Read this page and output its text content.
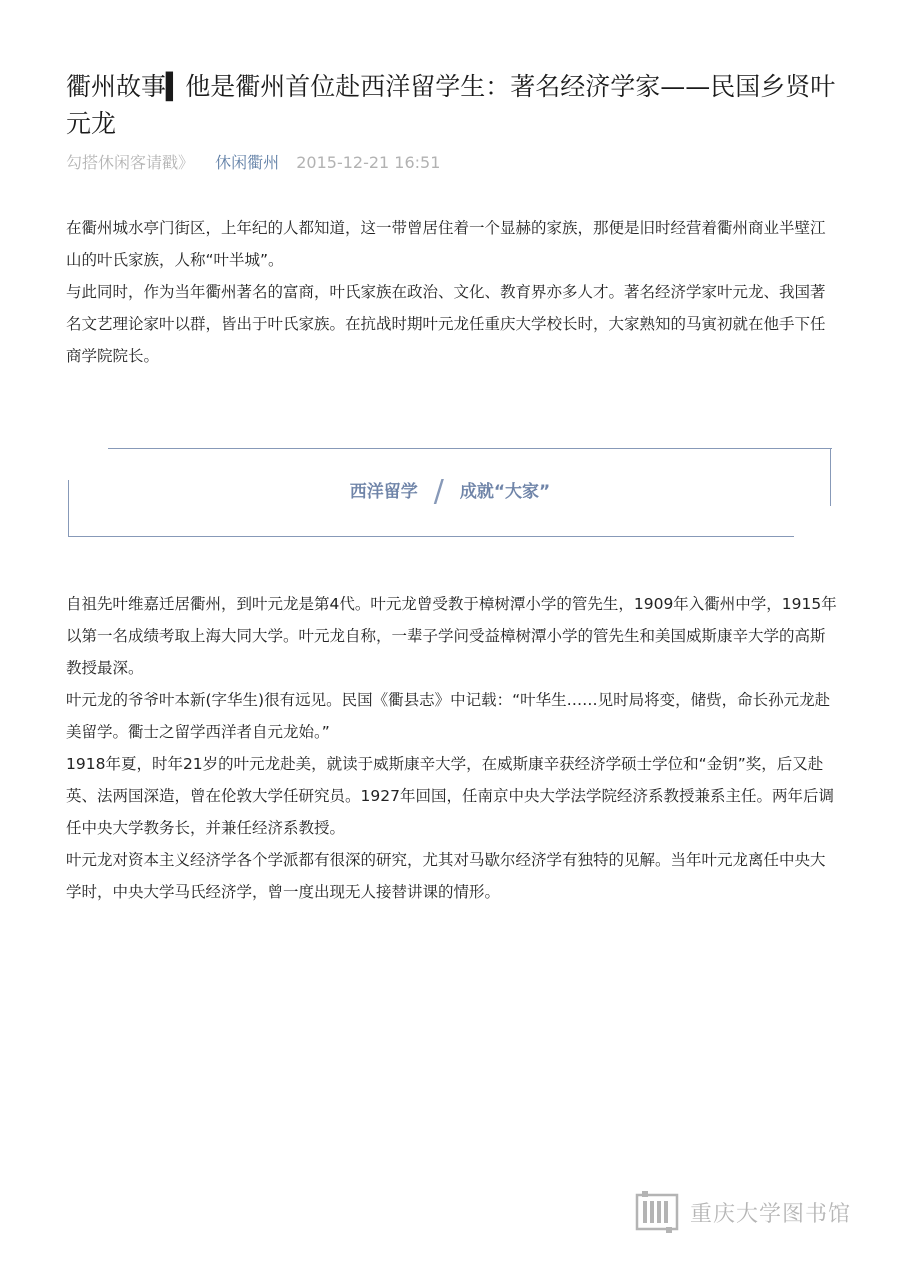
衢州故事▍他是衢州首位赴西洋留学生：著名经济学家——民国乡贤叶元龙
勾搭休闲客请戳》 休闲衢州 2015-12-21 16:51

在衢州城水亭门街区，上年纪的人都知道，这一带曾居住着一个显赫的家族，那便是旧时经营着衢州商业半壁江山的叶氏家族，人称“叶半城”。

与此同时，作为当年衢州著名的富商，叶氏家族在政治、文化、教育界亦多人才。著名经济学家叶元龙、我国著名文艺理论家叶以群，皆出于叶氏家族。在抗战时期叶元龙任重庆大学校长时，大家熟知的马寅初就在他手下任商学院院长。

西洋留学 / 成就“大家”

自祖先叶维嘉迁居衢州，到叶元龙是第4代。叶元龙曾受教于樟树潭小学的管先生，1909年入衢州中学，1915年以第一名成绩考取上海大同大学。叶元龙自称，一辈子学问受益樟树潭小学的管先生和美国威斯康辛大学的高斯教授最深。

叶元龙的爷爷叶本新(字华生)很有远见。民国《衢县志》中记载：“叶华生……见时局将变，储赀，命长孙元龙赴美留学。衢士之留学西洋者自元龙始。”

1918年夏，时年21岁的叶元龙赴美，就读于威斯康辛大学，在威斯康辛获经济学硕士学位和“金钥”奖，后又赴英、法两国深造，曾在伦敦大学任研究员。1927年回国，任南京中央大学法学院经济系教授兼系主任。两年后调任中央大学教务长，并兼任经济系教授。

叶元龙对资本主义经济学各个学派都有很深的研究，尤其对马歇尔经济学有独特的见解。当年叶元龙离任中央大学时，中央大学马氏经济学，曾一度出现无人接替讲课的情形。

重庆大学图书馆
